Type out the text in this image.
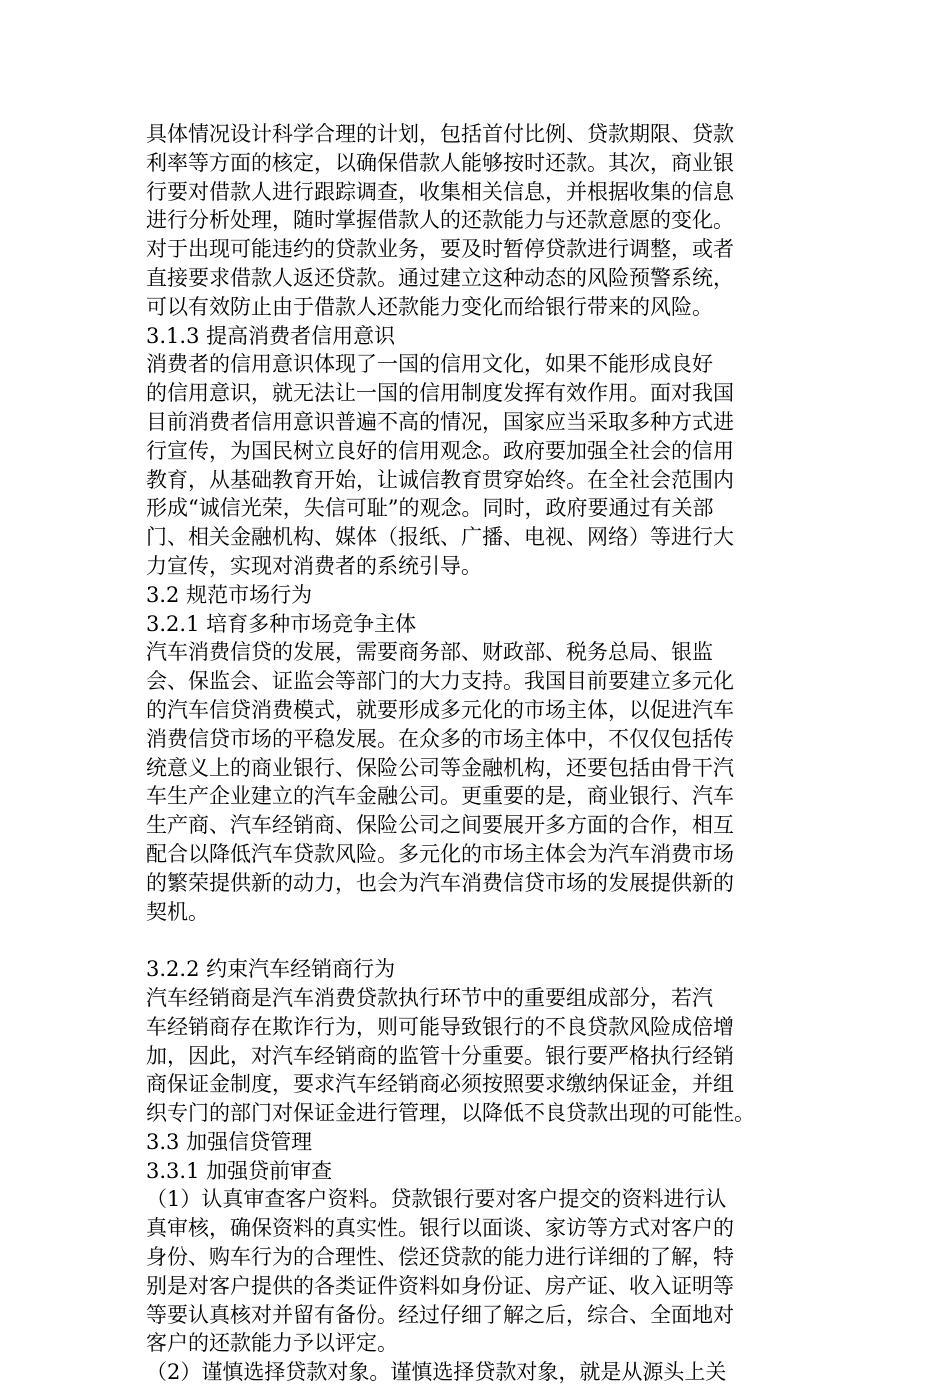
具体情况设计科学合理的计划，包括首付比例、贷款期限、贷款
利率等方面的核定，以确保借款人能够按时还款。其次，商业银
行要对借款人进行跟踪调查，收集相关信息，并根据收集的信息
进行分析处理，随时掌握借款人的还款能力与还款意愿的变化。
对于出现可能违约的贷款业务，要及时暂停贷款进行调整，或者
直接要求借款人返还贷款。通过建立这种动态的风险预警系统，
可以有效防止由于借款人还款能力变化而给银行带来的风险。
3.1.3 提高消费者信用意识
消费者的信用意识体现了一国的信用文化，如果不能形成良好
的信用意识，就无法让一国的信用制度发挥有效作用。面对我国
目前消费者信用意识普遍不高的情况，国家应当采取多种方式进
行宣传，为国民树立良好的信用观念。政府要加强全社会的信用
教育，从基础教育开始，让诚信教育贯穿始终。在全社会范围内
形成“诚信光荣，失信可耻”的观念。同时，政府要通过有关部
门、相关金融机构、媒体（报纸、广播、电视、网络）等进行大
力宣传，实现对消费者的系统引导。
3.2 规范市场行为
3.2.1 培育多种市场竞争主体
汽车消费信贷的发展，需要商务部、财政部、税务总局、银监
会、保监会、证监会等部门的大力支持。我国目前要建立多元化
的汽车信贷消费模式，就要形成多元化的市场主体，以促进汽车
消费信贷市场的平稳发展。在众多的市场主体中，不仅仅包括传
统意义上的商业银行、保险公司等金融机构，还要包括由骨干汽
车生产企业建立的汽车金融公司。更重要的是，商业银行、汽车
生产商、汽车经销商、保险公司之间要展开多方面的合作，相互
配合以降低汽车贷款风险。多元化的市场主体会为汽车消费市场
的繁荣提供新的动力，也会为汽车消费信贷市场的发展提供新的
契机。
3.2.2 约束汽车经销商行为
汽车经销商是汽车消费贷款执行环节中的重要组成部分，若汽
车经销商存在欺诈行为，则可能导致银行的不良贷款风险成倍增
加，因此，对汽车经销商的监管十分重要。银行要严格执行经销
商保证金制度，要求汽车经销商必须按照要求缴纳保证金，并组
织专门的部门对保证金进行管理，以降低不良贷款出现的可能性。
3.3 加强信贷管理
3.3.1 加强贷前审查
（1）认真审查客户资料。贷款银行要对客户提交的资料进行认
真审核，确保资料的真实性。银行以面谈、家访等方式对客户的
身份、购车行为的合理性、偿还贷款的能力进行详细的了解，特
别是对客户提供的各类证件资料如身份证、房产证、收入证明等
等要认真核对并留有备份。经过仔细了解之后，综合、全面地对
客户的还款能力予以评定。
（2）谨慎选择贷款对象。谨慎选择贷款对象，就是从源头上关
